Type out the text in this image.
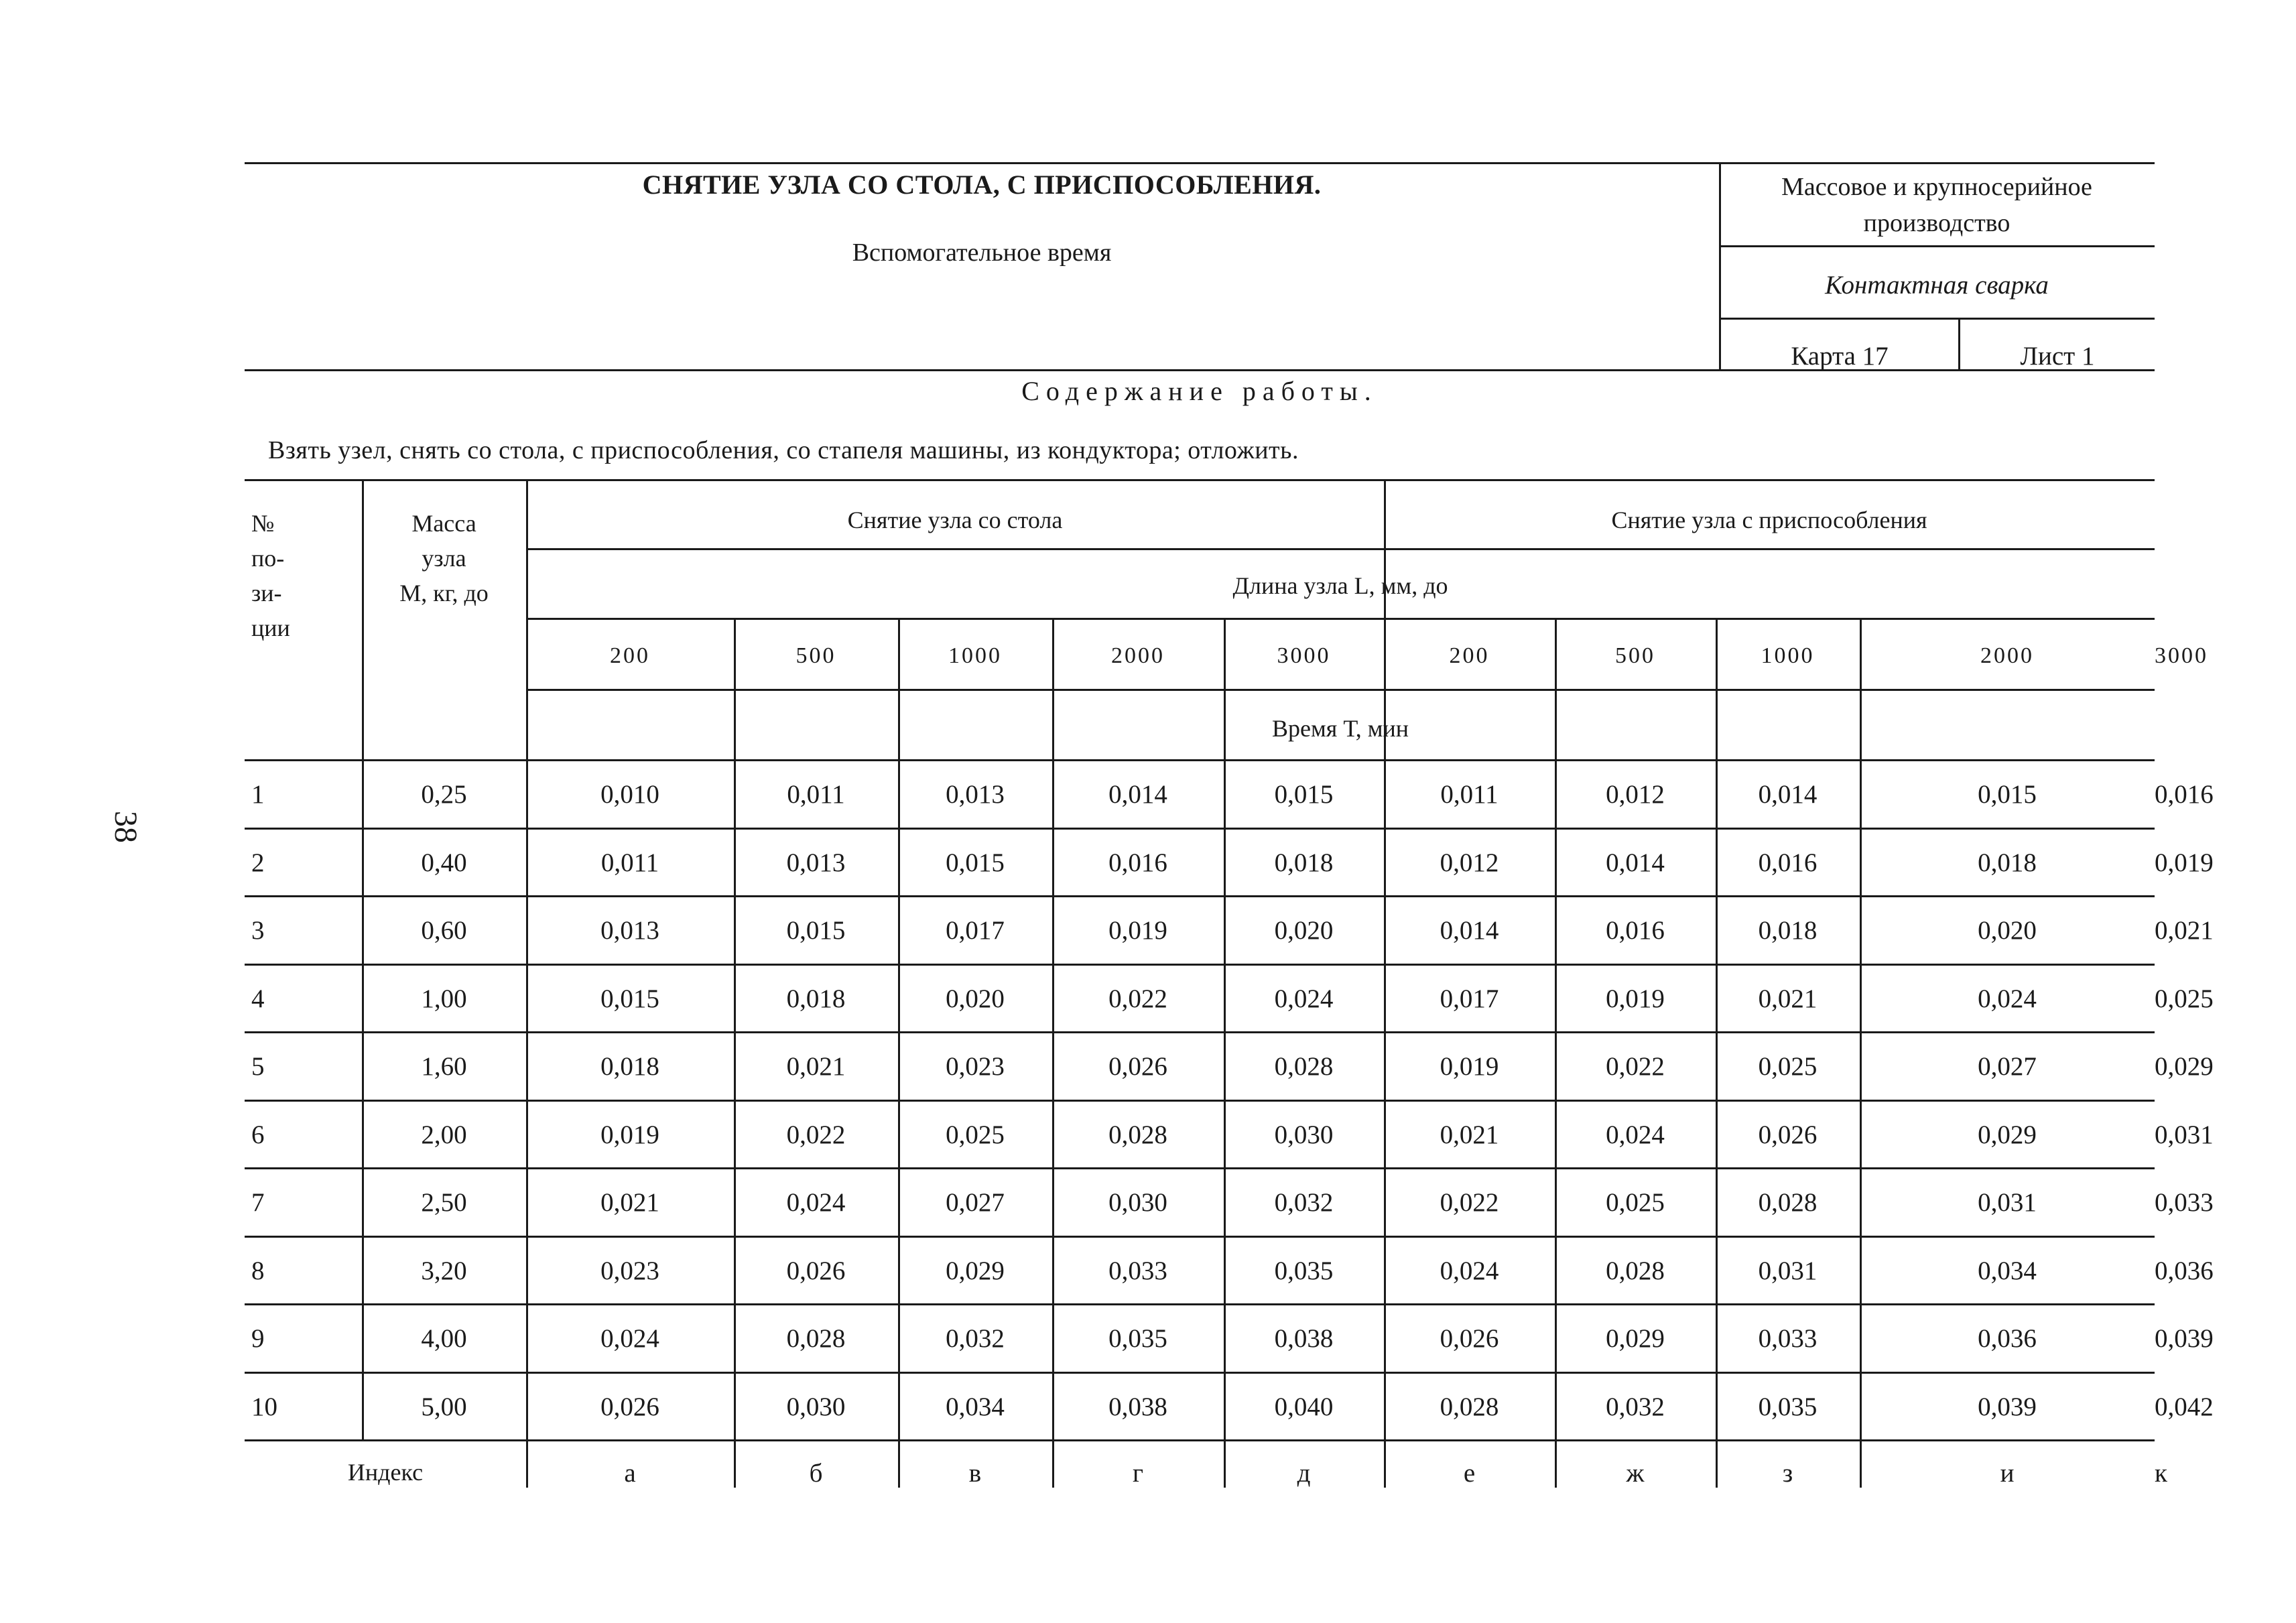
38
СНЯТИЕ УЗЛА СО СТОЛА, С ПРИСПОСОБЛЕНИЯ.
Вспомогательное время
Массовое и крупносерийное
производство
Контактная сварка
Карта 17	Лист 1
Содержание работы.
Взять узел, снять со стола, с приспособления, со стапеля машины, из кондуктора; отложить.
№
по-
зи-
ции
Масса
узла
М, кг, до
Снятие узла со стола	Снятие узла с приспособления
Длина узла L, мм, до
200	500	1000	2000	3000	200	500	1000	2000	3000
Время Т, мин
1	0,25	0,010	0,011	0,013	0,014	0,015	0,011	0,012	0,014	0,015	0,016
2	0,40	0,011	0,013	0,015	0,016	0,018	0,012	0,014	0,016	0,018	0,019
3	0,60	0,013	0,015	0,017	0,019	0,020	0,014	0,016	0,018	0,020	0,021
4	1,00	0,015	0,018	0,020	0,022	0,024	0,017	0,019	0,021	0,024	0,025
5	1,60	0,018	0,021	0,023	0,026	0,028	0,019	0,022	0,025	0,027	0,029
6	2,00	0,019	0,022	0,025	0,028	0,030	0,021	0,024	0,026	0,029	0,031
7	2,50	0,021	0,024	0,027	0,030	0,032	0,022	0,025	0,028	0,031	0,033
8	3,20	0,023	0,026	0,029	0,033	0,035	0,024	0,028	0,031	0,034	0,036
9	4,00	0,024	0,028	0,032	0,035	0,038	0,026	0,029	0,033	0,036	0,039
10	5,00	0,026	0,030	0,034	0,038	0,040	0,028	0,032	0,035	0,039	0,042
Индекс	а	б	в	г	д	е	ж	з	и	к
